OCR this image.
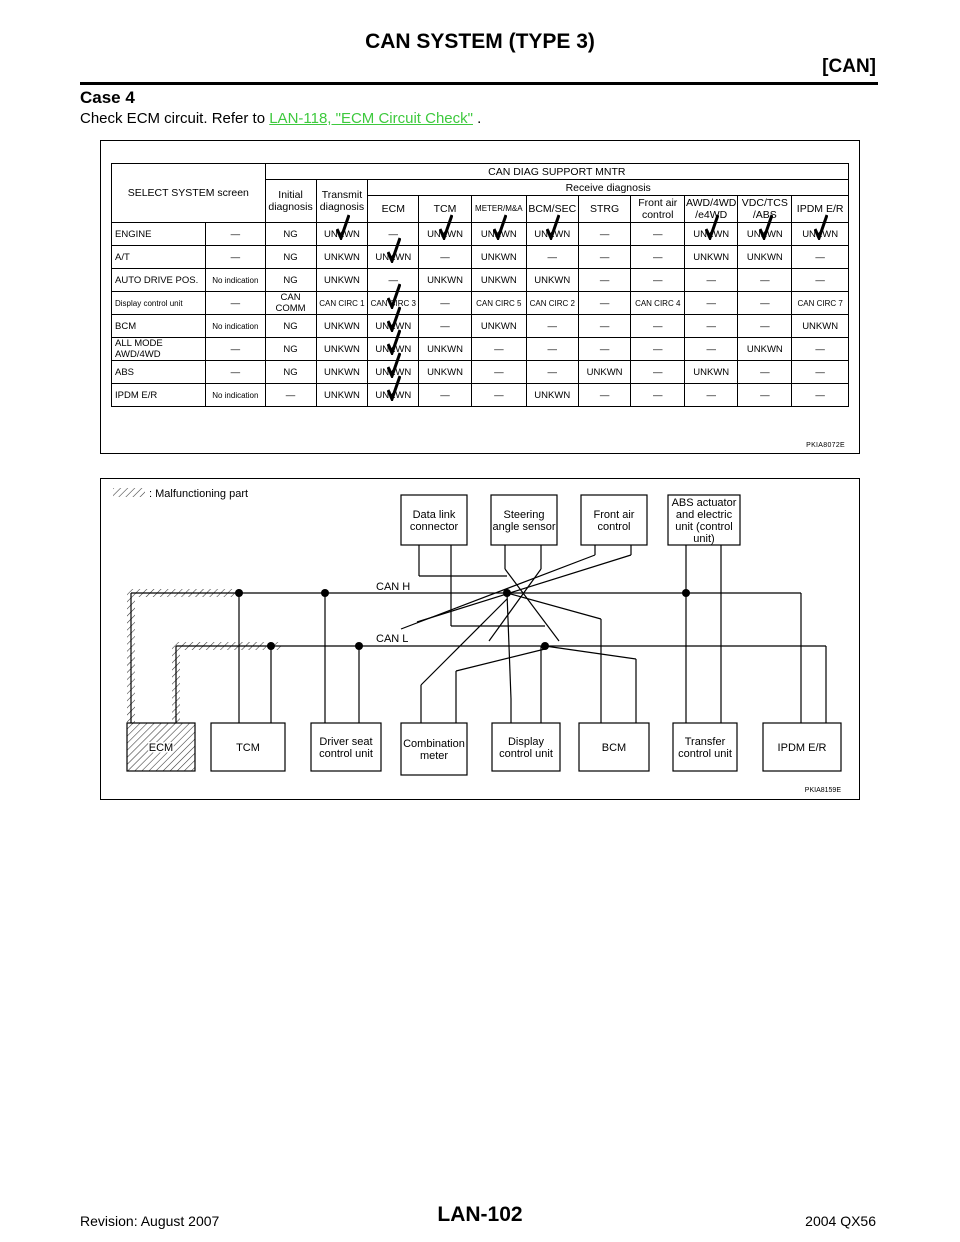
CAN SYSTEM (TYPE 3)
[CAN]
Case 4
Check ECM circuit. Refer to LAN-118, "ECM Circuit Check" .
SELECT SYSTEM screen		CAN DIAG SUPPORT MNTR										
		Initial diagnosis	Transmit diagnosis	Receive diagnosis								
				ECM	TCM	METER/M&A	BCM/SEC	STRG	Front air control	AWD/4WD /e4WD	VDC/TCS /ABS	IPDM E/R
ENGINE	—	NG	UNKWN	—	UNKWN	UNKWN	UNKWN	—	—	UNKWN	UNKWN	UNKWN

A/T	—	NG	UNKWN	UNKWN	—	UNKWN	—	—	—	UNKWN	UNKWN	—
AUTO DRIVE POS.	No indication	NG	UNKWN	—	UNKWN	UNKWN	UNKWN	—	—	—	—	—
Display control unit	—	CAN COMM	CAN CIRC 1	CAN CIRC 3	—	CAN CIRC 5	CAN CIRC 2	—	CAN CIRC 4	—	—	CAN CIRC 7
BCM	No indication	NG	UNKWN	UNKWN	—	UNKWN	—	—	—	—	—	UNKWN
ALL MODE AWD/4WD	—	NG	UNKWN	UNKWN	UNKWN	—	—	—	—	—	UNKWN	—
ABS	—	NG	UNKWN	UNKWN	UNKWN	—	—	UNKWN	—	UNKWN	—	—
IPDM E/R	No indication	—	UNKWN	UNKWN	—	—	UNKWN	—	—	—	—	—
PKIA8072E
: Malfunctioning part
CAN H
CAN L
Data link connector
Steering angle sensor
Front air control
ABS actuator and electric unit (control unit)
ECM	TCM	Driver seat control unit
Combination meter
Display control unit	BCM	Transfer control unit	IPDM E/R
PKIA8159E
Revision: August 2007	LAN-102	2004 QX56
